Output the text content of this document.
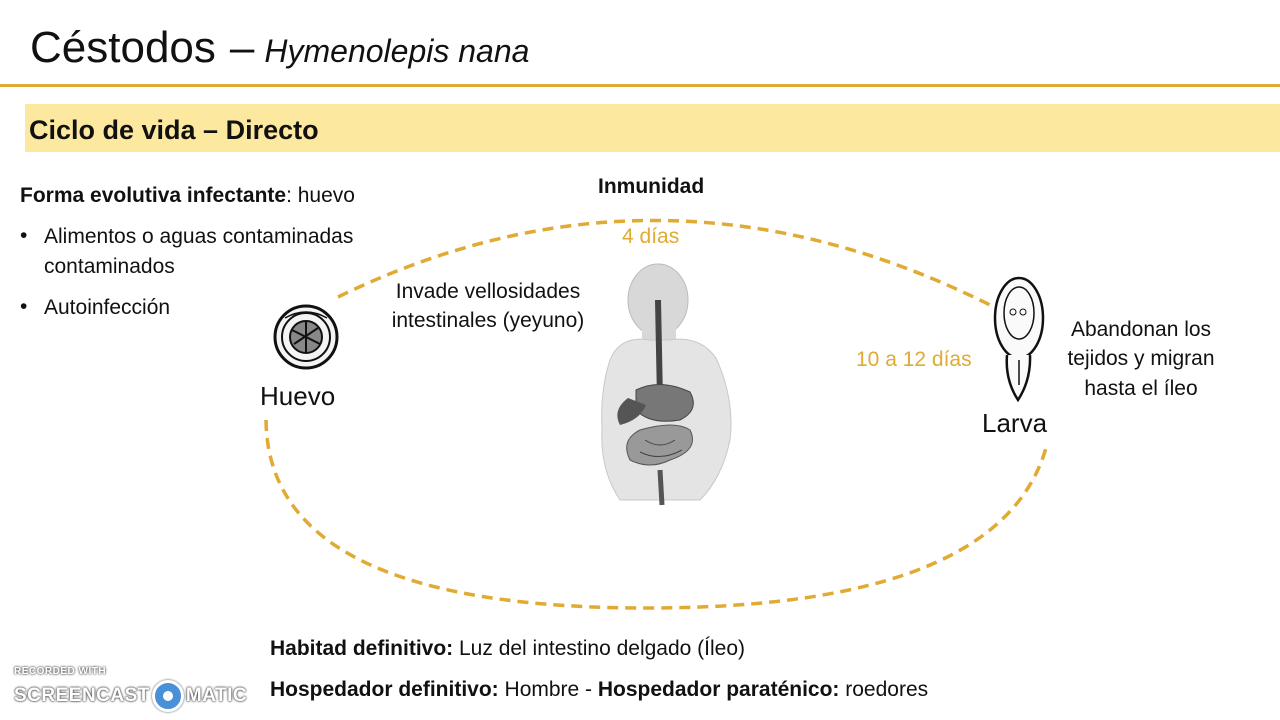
Céstodos – Hymenolepis nana
Ciclo de vida – Directo
Forma evolutiva infectante: huevo
• Alimentos o aguas contaminadas
contaminados
• Autoinfección
Inmunidad
4 días
Invade vellosidades
intestinales (yeyuno)
Huevo
10 a 12 días
Larva
Abandonan los
tejidos y migran
hasta el íleo
Habitad definitivo: Luz del intestino delgado (Íleo)
Hospedador definitivo: Hombre - Hospedador paraténico: roedores
RECORDED WITH
SCREENCAST MATIC
